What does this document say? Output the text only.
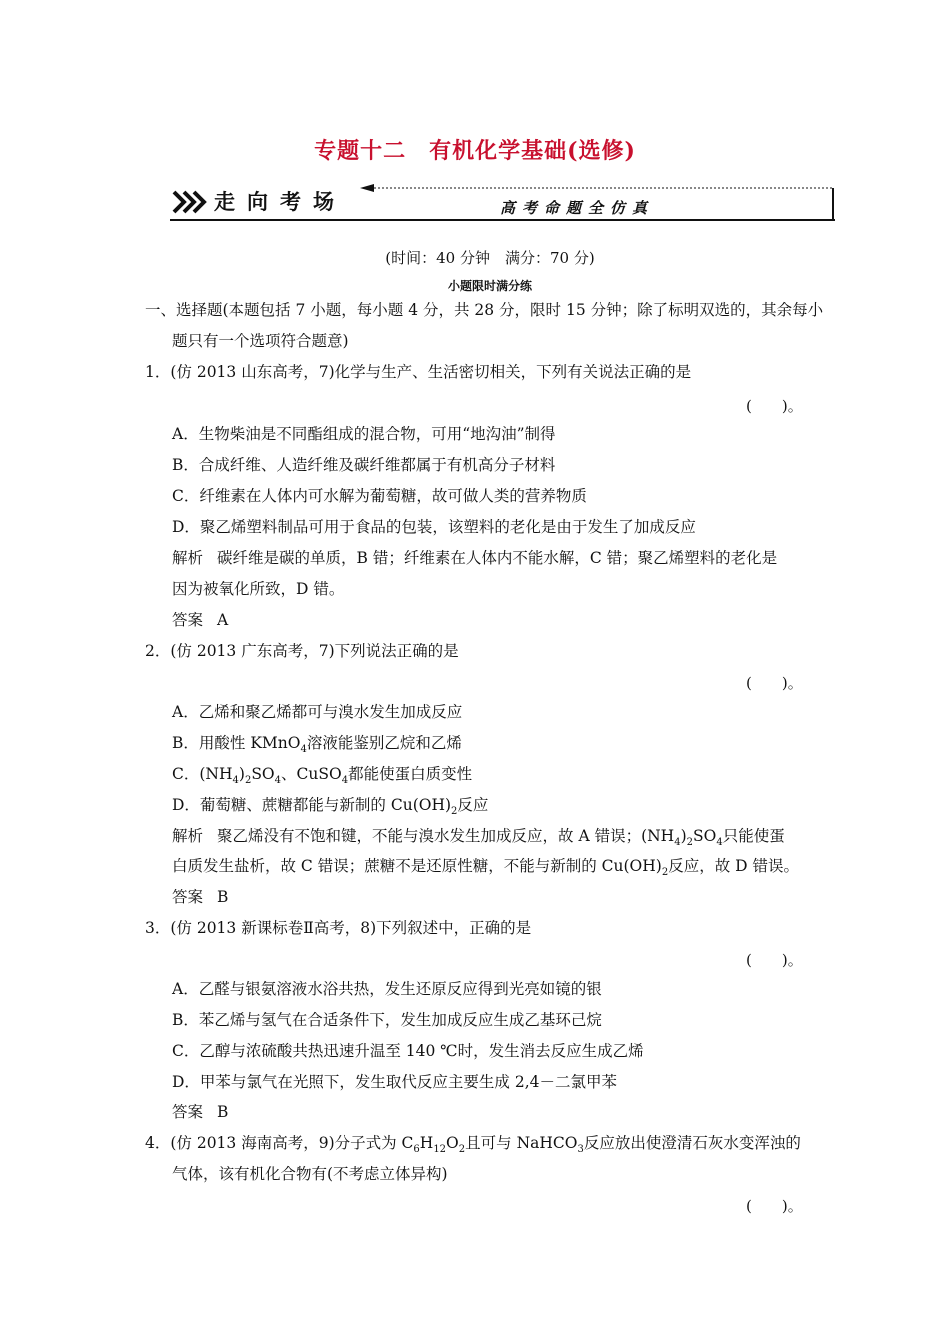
专题十二　有机化学基础(选修)
走向考场	高考命题全仿真
(时间：40 分钟　满分：70 分)
小题限时满分练
一、选择题(本题包括 7 小题，每小题 4 分，共 28 分，限时 15 分钟；除了标明双选的，其余每小
题只有一个选项符合题意)
1．(仿 2013 山东高考，7)化学与生产、生活密切相关，下列有关说法正确的是
(　　)。
A．生物柴油是不同酯组成的混合物，可用“地沟油”制得
B．合成纤维、人造纤维及碳纤维都属于有机高分子材料
C．纤维素在人体内可水解为葡萄糖，故可做人类的营养物质
D．聚乙烯塑料制品可用于食品的包装，该塑料的老化是由于发生了加成反应
解析 碳纤维是碳的单质，B 错；纤维素在人体内不能水解，C 错；聚乙烯塑料的老化是
因为被氧化所致，D 错。
答案 A
2．(仿 2013 广东高考，7)下列说法正确的是
(　　)。
A．乙烯和聚乙烯都可与溴水发生加成反应
B．用酸性 KMnO$_4$溶液能鉴别乙烷和乙烯
C．$(NH_4)_2SO_4$、CuSO$_4$都能使蛋白质变性
D．葡萄糖、蔗糖都能与新制的 $Cu(OH)_2$反应
解析 聚乙烯没有不饱和键，不能与溴水发生加成反应，故 A 错误；$(NH_4)_2SO_4$只能使蛋
白质发生盐析，故 C 错误；蔗糖不是还原性糖，不能与新制的 $Cu(OH)_2$反应，故 D 错误。
答案 B
3．(仿 2013 新课标卷Ⅱ高考，8)下列叙述中，正确的是
(　　)。
A．乙醛与银氨溶液水浴共热，发生还原反应得到光亮如镜的银
B．苯乙烯与氢气在合适条件下，发生加成反应生成乙基环己烷
C．乙醇与浓硫酸共热迅速升温至 140 ℃时，发生消去反应生成乙烯
D．甲苯与氯气在光照下，发生取代反应主要生成 2,4－二氯甲苯
答案 B
4．(仿 2013 海南高考，9)分子式为 $C_6H_{12}O_2$且可与 NaHCO$_3$反应放出使澄清石灰水变浑浊的
气体，该有机化合物有(不考虑立体异构)
(　　)。
